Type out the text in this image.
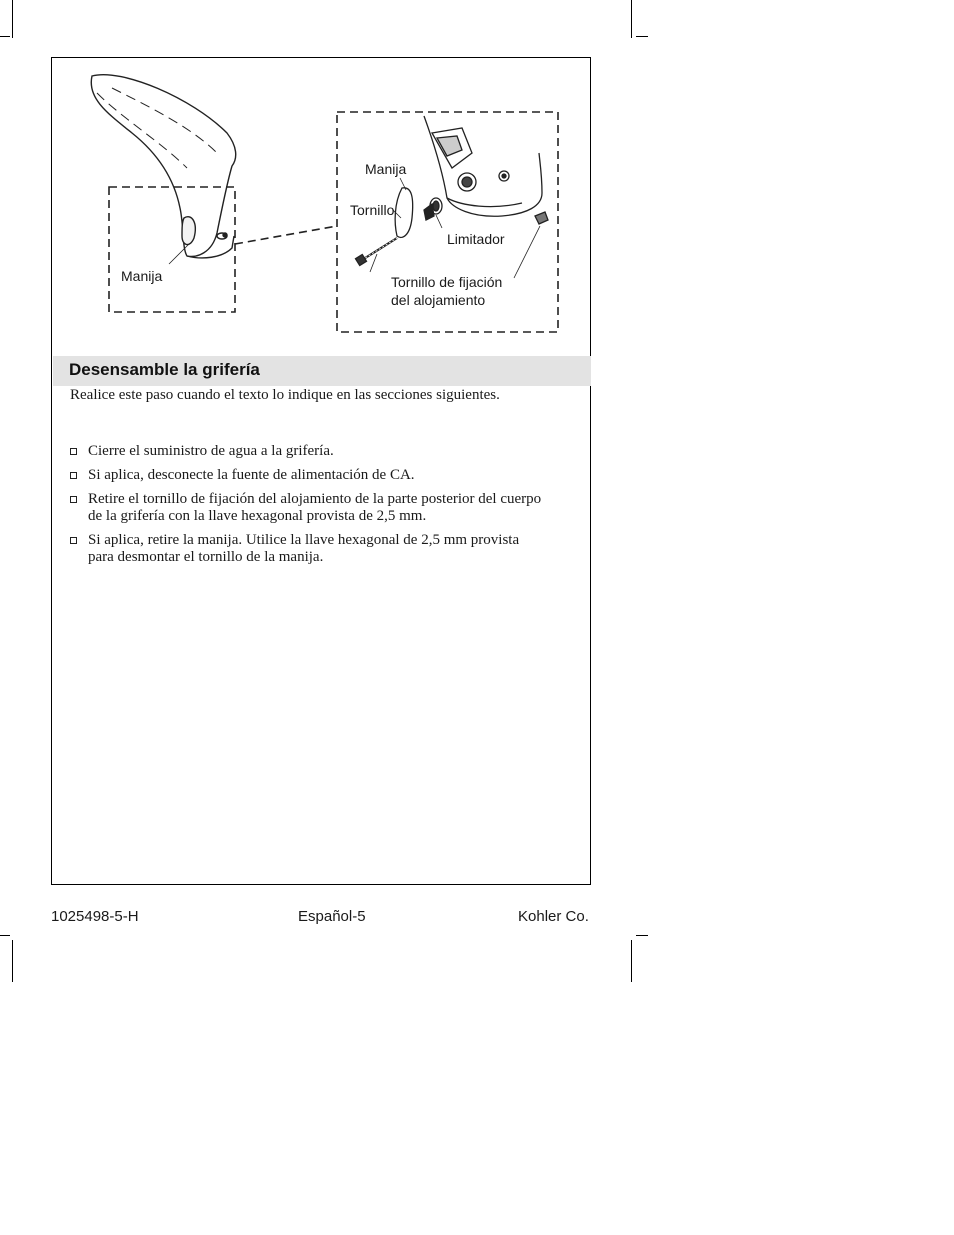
Manija
Manija
Tornillo
Limitador
Tornillo de fijación
del alojamiento
Desensamble la grifería
Realice este paso cuando el texto lo indique en las secciones siguientes.
Cierre el suministro de agua a la grifería.
Si aplica, desconecte la fuente de alimentación de CA.
Retire el tornillo de fijación del alojamiento de la parte posterior del cuerpo de la grifería con la llave hexagonal provista de 2,5 mm.
Si aplica, retire la manija. Utilice la llave hexagonal de 2,5 mm provista para desmontar el tornillo de la manija.
1025498-5-H	Español-5	Kohler Co.
